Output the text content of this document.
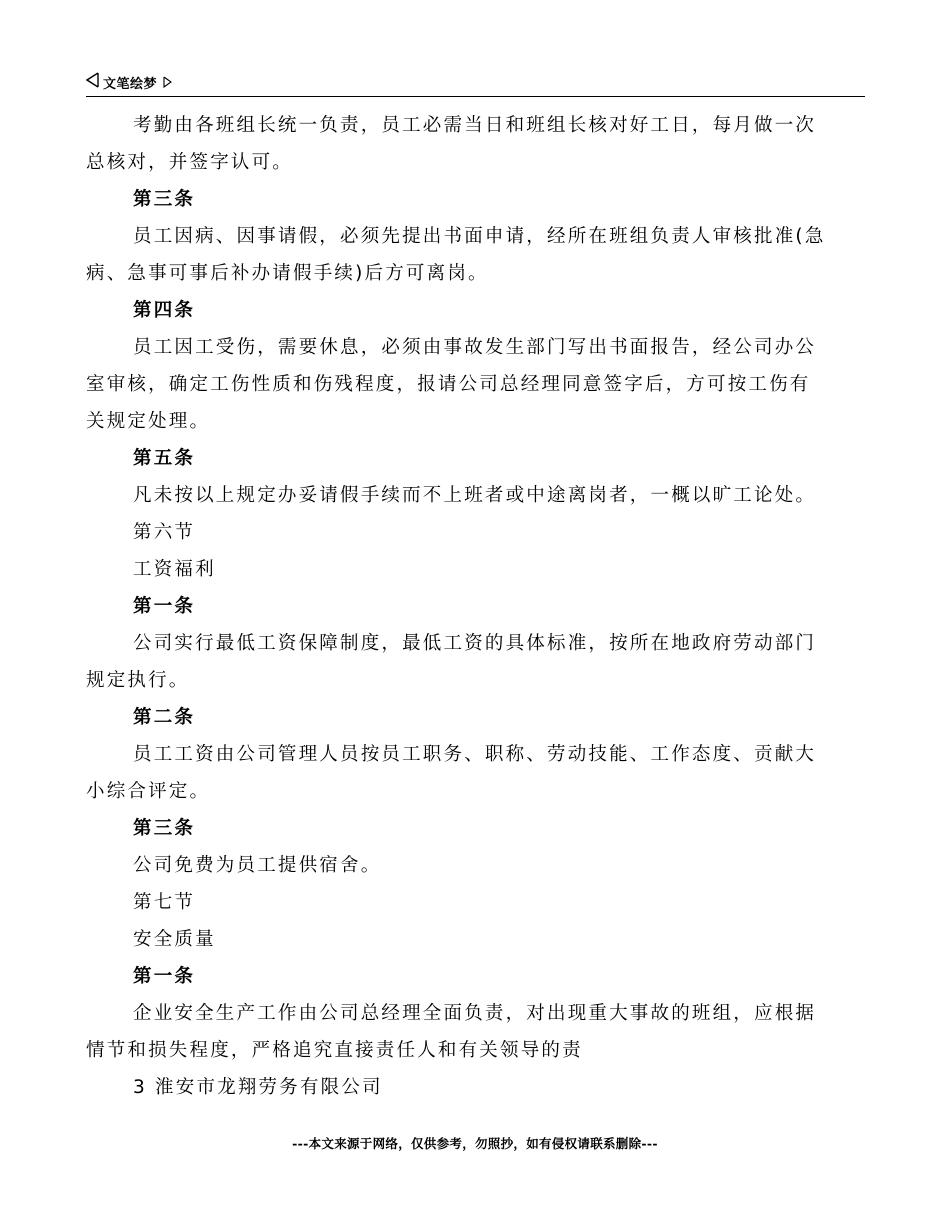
文笔绘梦
考勤由各班组长统一负责，员工必需当日和班组长核对好工日，每月做一次
总核对，并签字认可。
第三条
员工因病、因事请假，必须先提出书面申请，经所在班组负责人审核批准(急
病、急事可事后补办请假手续)后方可离岗。
第四条
员工因工受伤，需要休息，必须由事故发生部门写出书面报告，经公司办公
室审核，确定工伤性质和伤残程度，报请公司总经理同意签字后，方可按工伤有
关规定处理。
第五条
凡未按以上规定办妥请假手续而不上班者或中途离岗者，一概以旷工论处。
第六节
工资福利
第一条
公司实行最低工资保障制度，最低工资的具体标准，按所在地政府劳动部门
规定执行。
第二条
员工工资由公司管理人员按员工职务、职称、劳动技能、工作态度、贡献大
小综合评定。
第三条
公司免费为员工提供宿舍。
第七节
安全质量
第一条
企业安全生产工作由公司总经理全面负责，对出现重大事故的班组，应根据
情节和损失程度，严格追究直接责任人和有关领导的责
3 淮安市龙翔劳务有限公司
---本文来源于网络，仅供参考，勿照抄，如有侵权请联系删除---
